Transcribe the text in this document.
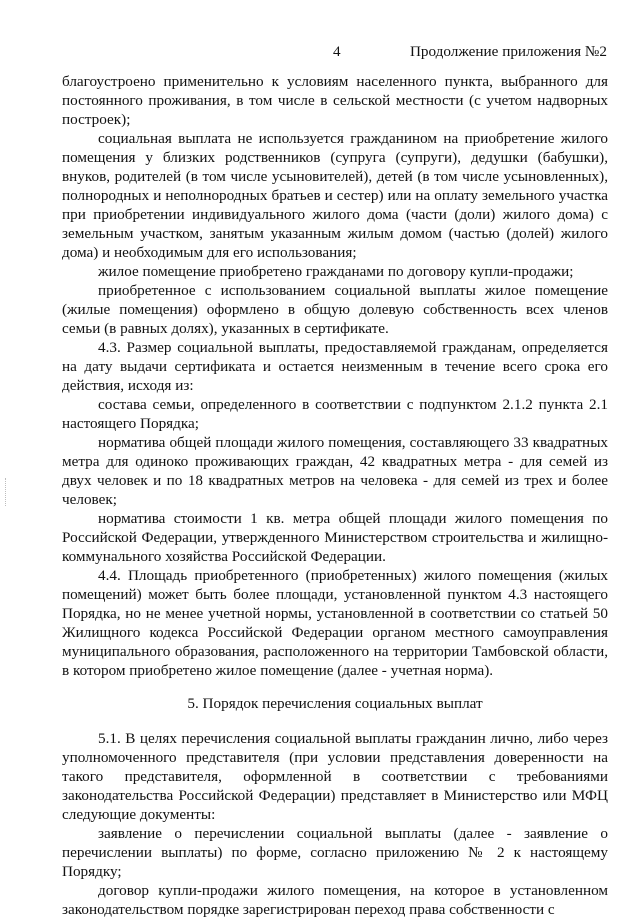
4	Продолжение приложения №2

благоустроено применительно к условиям населенного пункта, выбранного для постоянного проживания, в том числе в сельской местности (с учетом надворных построек);

социальная выплата не используется гражданином на приобретение жилого помещения у близких родственников (супруга (супруги), дедушки (бабушки), внуков, родителей (в том числе усыновителей), детей (в том числе усыновленных), полнородных и неполнородных братьев и сестер) или на оплату земельного участка при приобретении индивидуального жилого дома (части (доли) жилого дома) с земельным участком, занятым указанным жилым домом (частью (долей) жилого дома) и необходимым для его использования;

жилое помещение приобретено гражданами по договору купли-продажи;

приобретенное с использованием социальной выплаты жилое помещение (жилые помещения) оформлено в общую долевую собственность всех членов семьи (в равных долях), указанных в сертификате.

4.3. Размер социальной выплаты, предоставляемой гражданам, определяется на дату выдачи сертификата и остается неизменным в течение всего срока его действия, исходя из:

состава семьи, определенного в соответствии с подпунктом 2.1.2 пункта 2.1 настоящего Порядка;

норматива общей площади жилого помещения, составляющего 33 квадратных метра для одиноко проживающих граждан, 42 квадратных метра - для семей из двух человек и по 18 квадратных метров на человека - для семей из трех и более человек;

норматива стоимости 1 кв. метра общей площади жилого помещения по Российской Федерации, утвержденного Министерством строительства и жилищно-коммунального хозяйства Российской Федерации.

4.4. Площадь приобретенного (приобретенных) жилого помещения (жилых помещений) может быть более площади, установленной пунктом 4.3 настоящего Порядка, но не менее учетной нормы, установленной в соответствии со статьей 50 Жилищного кодекса Российской Федерации органом местного самоуправления муниципального образования, расположенного на территории Тамбовской области, в котором приобретено жилое помещение (далее - учетная норма).

5. Порядок перечисления социальных выплат

5.1. В целях перечисления социальной выплаты гражданин лично, либо через уполномоченного представителя (при условии представления доверенности на такого представителя, оформленной в соответствии с требованиями законодательства Российской Федерации) представляет в Министерство или МФЦ следующие документы:

заявление о перечислении социальной выплаты (далее - заявление о перечислении выплаты) по форме, согласно приложению № 2 к настоящему Порядку;

договор купли-продажи жилого помещения, на которое в установленном законодательством порядке зарегистрирован переход права собственности с
